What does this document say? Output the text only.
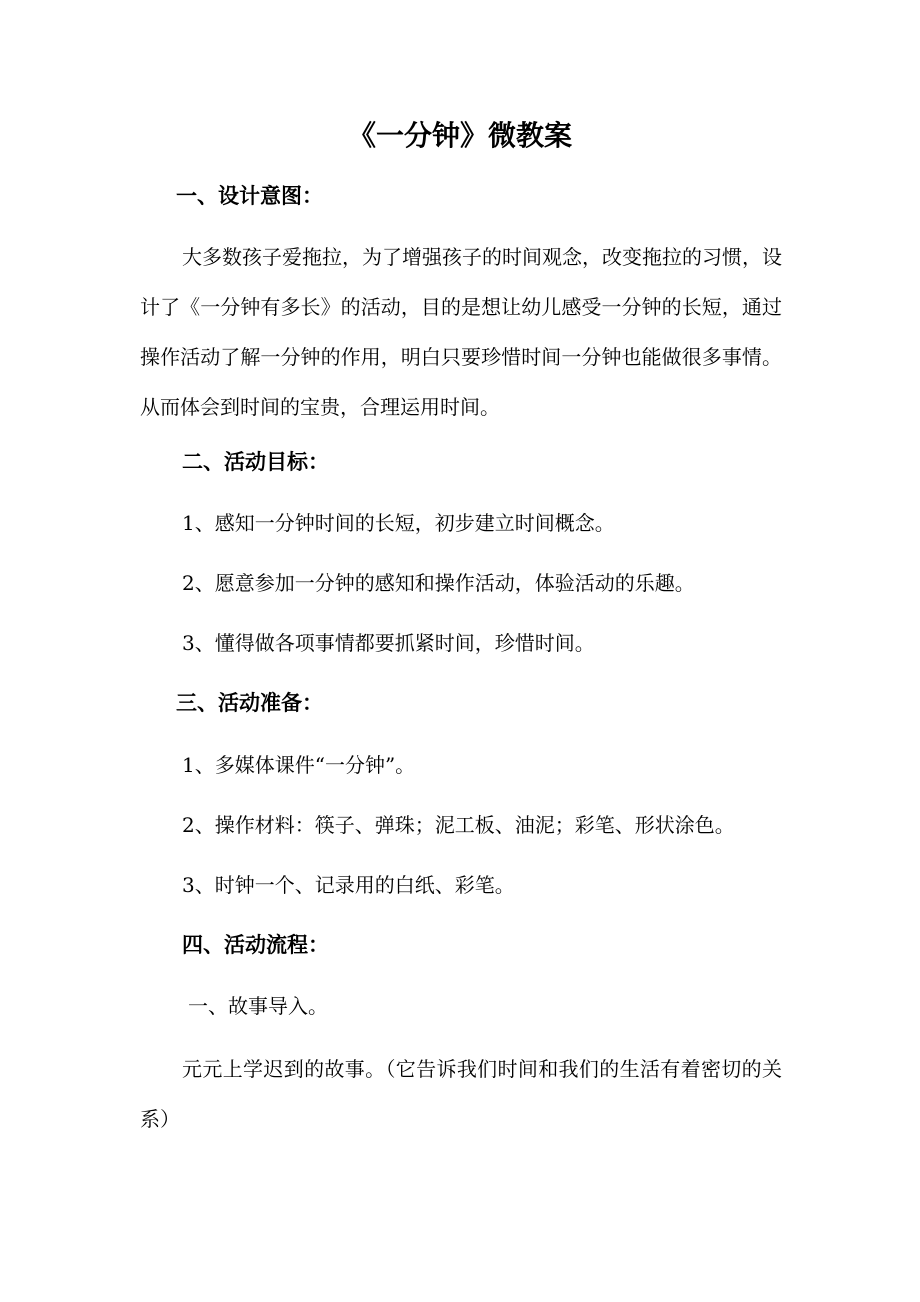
《一分钟》微教案
一、设计意图：

大多数孩子爱拖拉，为了增强孩子的时间观念，改变拖拉的习惯，设计了《一分钟有多长》的活动，目的是想让幼儿感受一分钟的长短，通过操作活动了解一分钟的作用，明白只要珍惜时间一分钟也能做很多事情。从而体会到时间的宝贵，合理运用时间。

二、活动目标：

1、感知一分钟时间的长短，初步建立时间概念。

2、愿意参加一分钟的感知和操作活动，体验活动的乐趣。

3、懂得做各项事情都要抓紧时间，珍惜时间。

三、活动准备：

1、多媒体课件“一分钟”。

2、操作材料：筷子、弹珠；泥工板、油泥；彩笔、形状涂色。

3、时钟一个、记录用的白纸、彩笔。

四、活动流程：

一、故事导入。

元元上学迟到的故事。（它告诉我们时间和我们的生活有着密切的关系）
